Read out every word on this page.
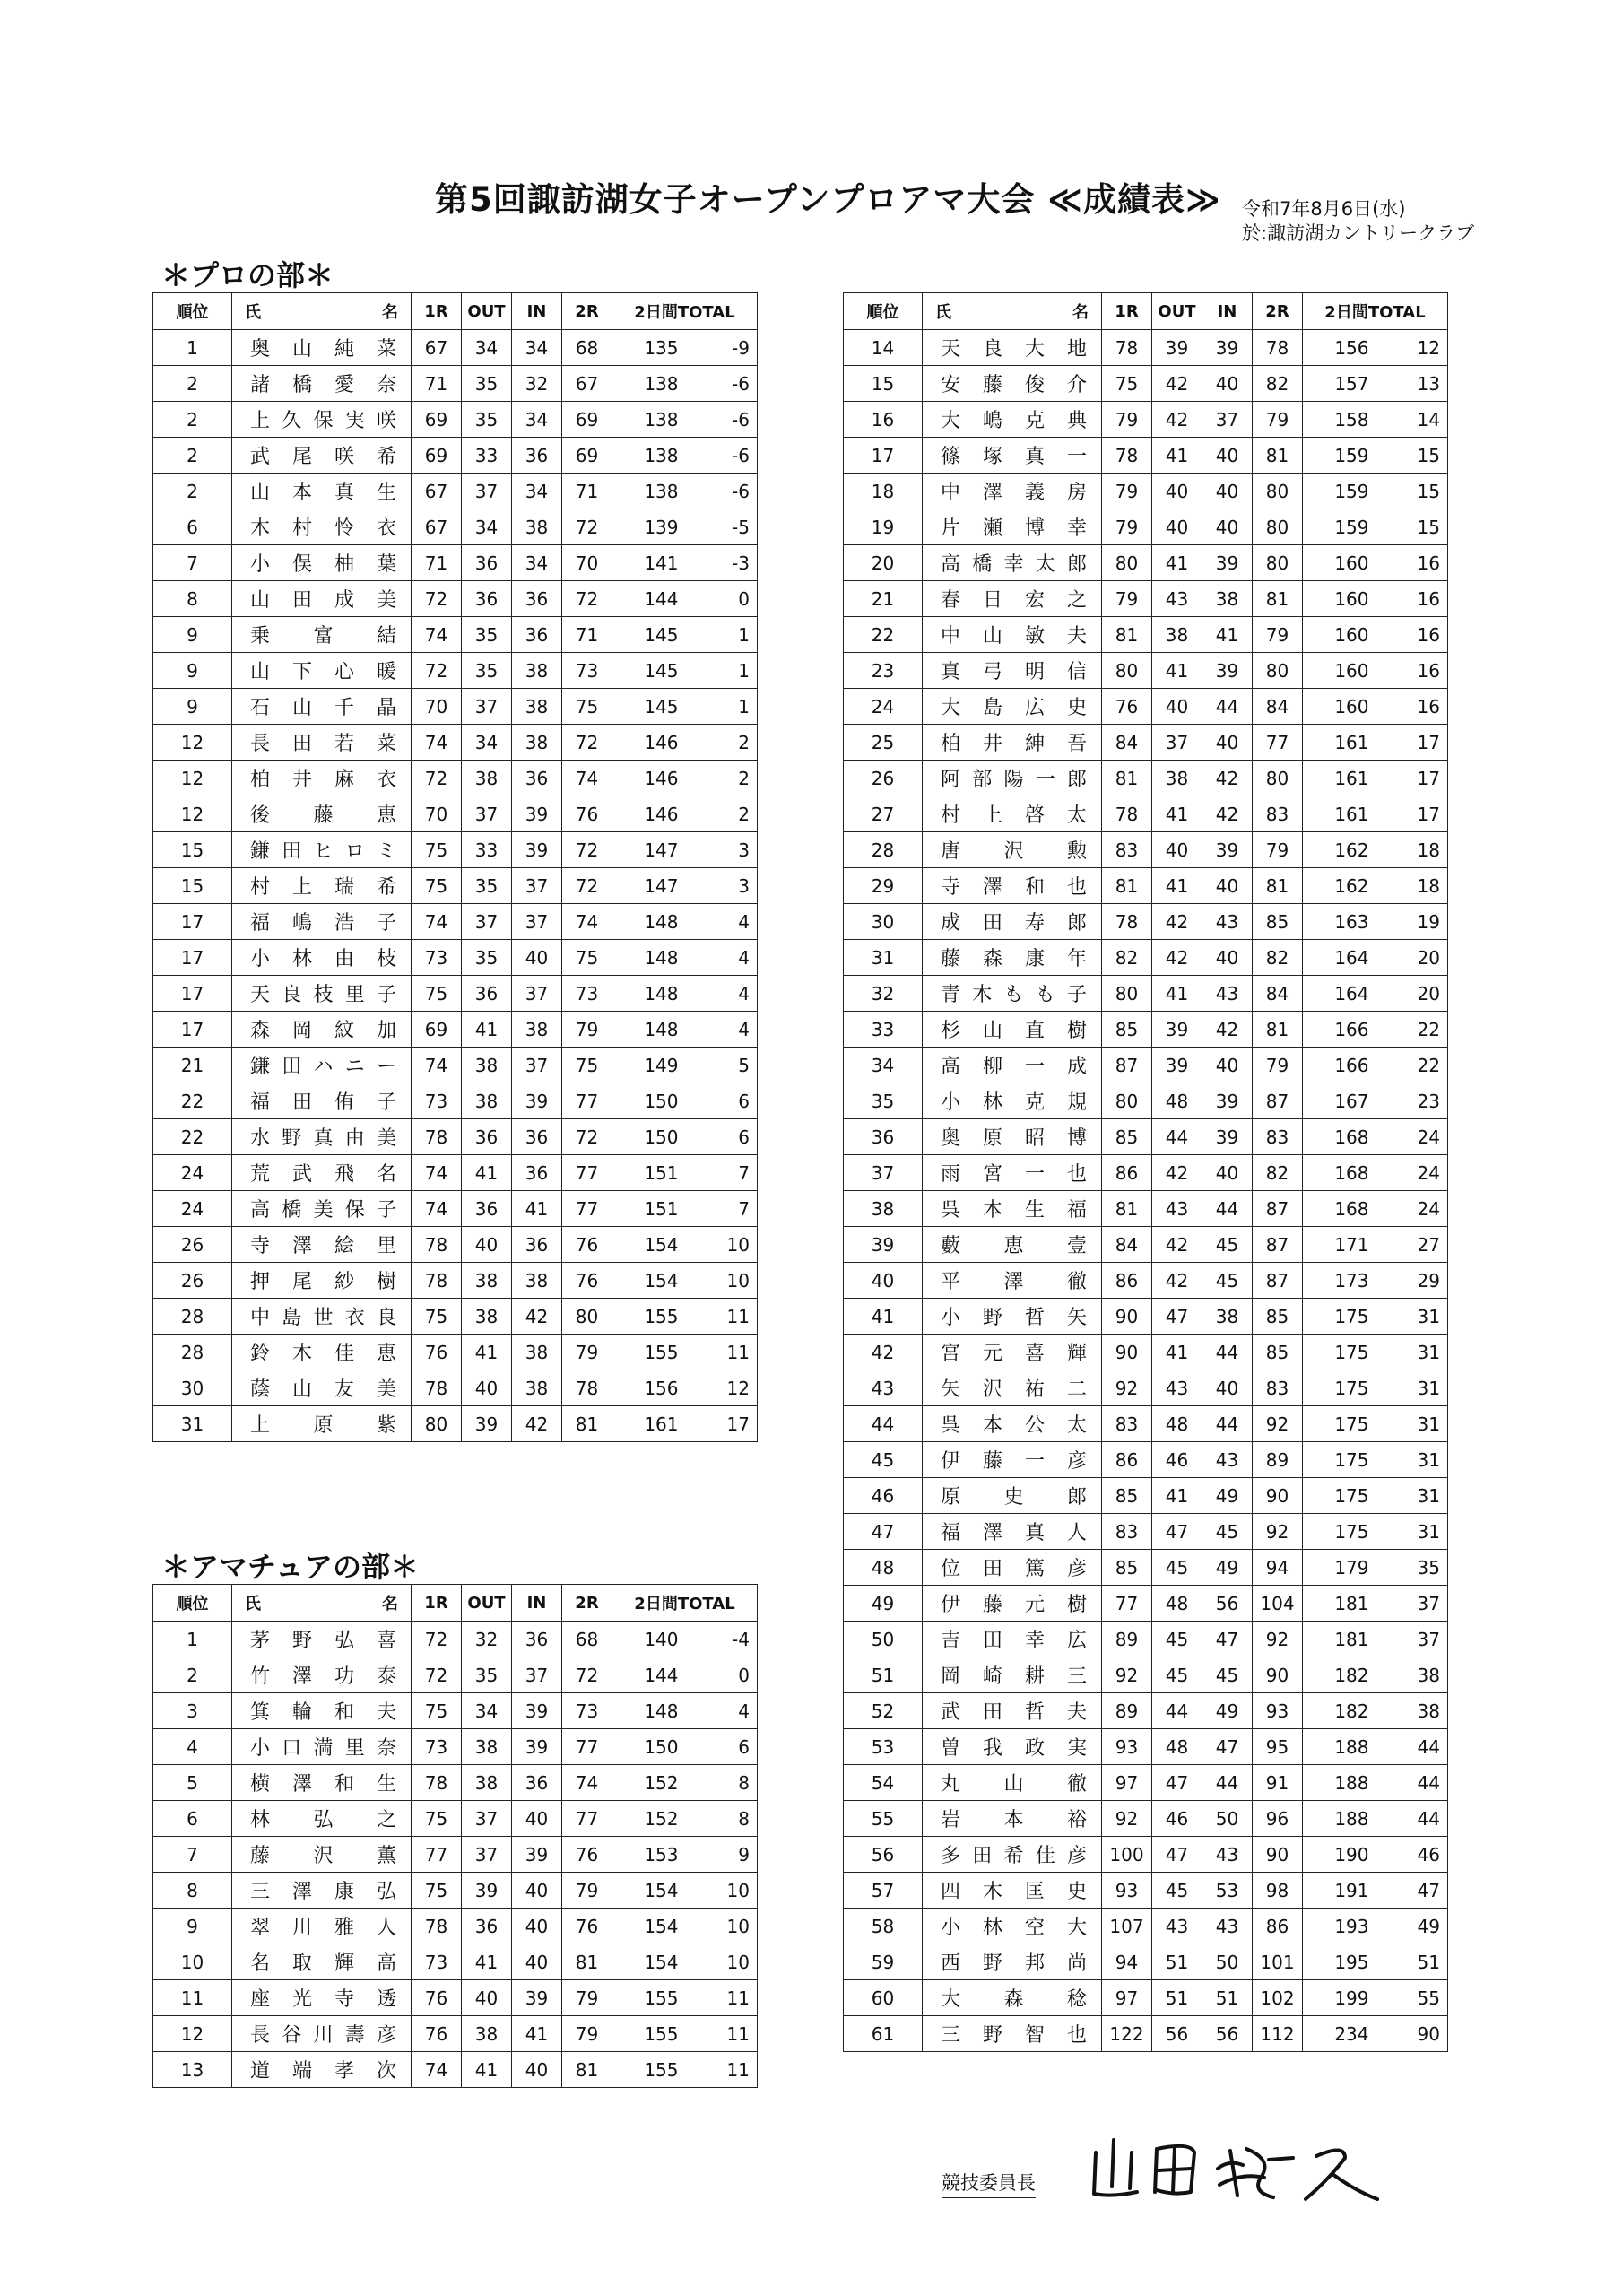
第5回諏訪湖女子オープンプロアマ大会 ≪成績表≫ 令和7年8月6日(水)
於:諏訪湖カントリークラブ
＊プロの部＊
順位	氏 名	1R	OUT	IN	2R	2日間TOTAL	
1	奥山純菜	67	34	34	68	135	-9
2	諸橋愛奈	71	35	32	67	138	-6
2	上久保実咲	69	35	34	69	138	-6
2	武尾咲希	69	33	36	69	138	-6
2	山本真生	67	37	34	71	138	-6
6	木村怜衣	67	34	38	72	139	-5
7	小俣柚葉	71	36	34	70	141	-3
8	山田成美	72	36	36	72	144	0
9	乗富結	74	35	36	71	145	1
9	山下心暖	72	35	38	73	145	1
9	石山千晶	70	37	38	75	145	1
12	長田若菜	74	34	38	72	146	2
12	柏井麻衣	72	38	36	74	146	2
12	後藤恵	70	37	39	76	146	2
15	鎌田ヒロミ	75	33	39	72	147	3
15	村上瑞希	75	35	37	72	147	3
17	福嶋浩子	74	37	37	74	148	4
17	小林由枝	73	35	40	75	148	4
17	天良枝里子	75	36	37	73	148	4
17	森岡紋加	69	41	38	79	148	4
21	鎌田ハニー	74	38	37	75	149	5
22	福田侑子	73	38	39	77	150	6
22	水野真由美	78	36	36	72	150	6
24	荒武飛名	74	41	36	77	151	7
24	高橋美保子	74	36	41	77	151	7
26	寺澤絵里	78	40	36	76	154	10
26	押尾紗樹	78	38	38	76	154	10
28	中島世衣良	75	38	42	80	155	11
28	鈴木佳恵	76	41	38	79	155	11
30	蔭山友美	78	40	38	78	156	12
31	上原紫	80	39	42	81	161	17
＊アマチュアの部＊
順位	氏 名	1R	OUT	IN	2R	2日間TOTAL	
1	茅野弘喜	72	32	36	68	140	-4
2	竹澤功泰	72	35	37	72	144	0
3	箕輪和夫	75	34	39	73	148	4
4	小口満里奈	73	38	39	77	150	6
5	横澤和生	78	38	36	74	152	8
6	林弘之	75	37	40	77	152	8
7	藤沢薫	77	37	39	76	153	9
8	三澤康弘	75	39	40	79	154	10
9	翠川雅人	78	36	40	76	154	10
10	名取輝高	73	41	40	81	154	10
11	座光寺透	76	40	39	79	155	11
12	長谷川壽彦	76	38	41	79	155	11
13	道端孝次	74	41	40	81	155	11
順位	氏 名	1R	OUT	IN	2R	2日間TOTAL	
14	天良大地	78	39	39	78	156	12
15	安藤俊介	75	42	40	82	157	13
16	大嶋克典	79	42	37	79	158	14
17	篠塚真一	78	41	40	81	159	15
18	中澤義房	79	40	40	80	159	15
19	片瀬博幸	79	40	40	80	159	15
20	高橋幸太郎	80	41	39	80	160	16
21	春日宏之	79	43	38	81	160	16
22	中山敏夫	81	38	41	79	160	16
23	真弓明信	80	41	39	80	160	16
24	大島広史	76	40	44	84	160	16
25	柏井紳吾	84	37	40	77	161	17
26	阿部陽一郎	81	38	42	80	161	17
27	村上啓太	78	41	42	83	161	17
28	唐沢勲	83	40	39	79	162	18
29	寺澤和也	81	41	40	81	162	18
30	成田寿郎	78	42	43	85	163	19
31	藤森康年	82	42	40	82	164	20
32	青木もも子	80	41	43	84	164	20
33	杉山直樹	85	39	42	81	166	22
34	高柳一成	87	39	40	79	166	22
35	小林克規	80	48	39	87	167	23
36	奥原昭博	85	44	39	83	168	24
37	雨宮一也	86	42	40	82	168	24
38	呉本生福	81	43	44	87	168	24
39	藪恵壹	84	42	45	87	171	27
40	平澤徹	86	42	45	87	173	29
41	小野哲矢	90	47	38	85	175	31
42	宮元喜輝	90	41	44	85	175	31
43	矢沢祐二	92	43	40	83	175	31
44	呉本公太	83	48	44	92	175	31
45	伊藤一彦	86	46	43	89	175	31
46	原史郎	85	41	49	90	175	31
47	福澤真人	83	47	45	92	175	31
48	位田篤彦	85	45	49	94	179	35
49	伊藤元樹	77	48	56	104	181	37
50	吉田幸広	89	45	47	92	181	37
51	岡崎耕三	92	45	45	90	182	38
52	武田哲夫	89	44	49	93	182	38
53	曽我政実	93	48	47	95	188	44
54	丸山徹	97	47	44	91	188	44
55	岩本裕	92	46	50	96	188	44
56	多田希佳彦	100	47	43	90	190	46
57	四木匡史	93	45	53	98	191	47
58	小林空大	107	43	43	86	193	49
59	西野邦尚	94	51	50	101	195	51
60	大森稔	97	51	51	102	199	55
61	三野智也	122	56	56	112	234	90
競技委員長
